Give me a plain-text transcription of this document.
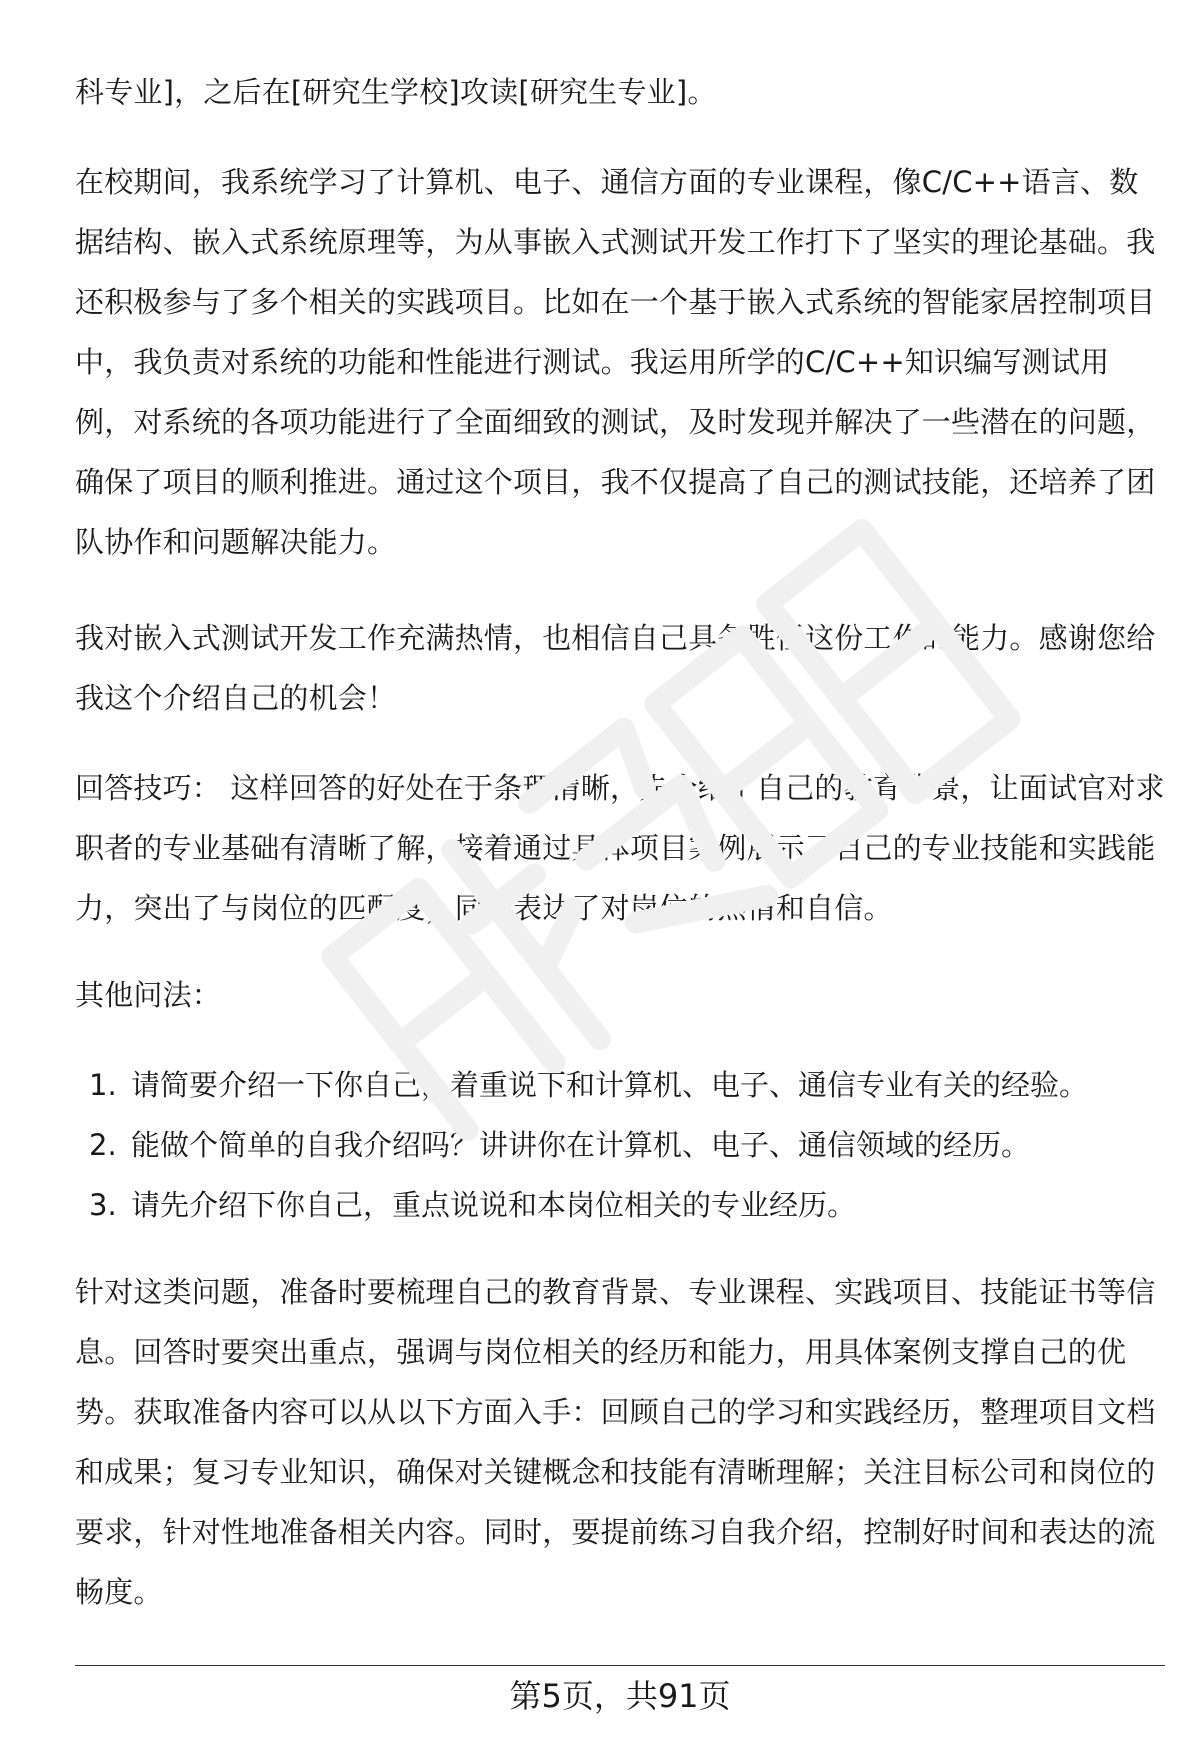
科专业]，之后在[研究生学校]攻读[研究生专业]。

在校期间，我系统学习了计算机、电子、通信方面的专业课程，像C/C++语言、数据结构、嵌入式系统原理等，为从事嵌入式测试开发工作打下了坚实的理论基础。我还积极参与了多个相关的实践项目。比如在一个基于嵌入式系统的智能家居控制项目中，我负责对系统的功能和性能进行测试。我运用所学的C/C++知识编写测试用例，对系统的各项功能进行了全面细致的测试，及时发现并解决了一些潜在的问题，确保了项目的顺利推进。通过这个项目，我不仅提高了自己的测试技能，还培养了团队协作和问题解决能力。

我对嵌入式测试开发工作充满热情，也相信自己具备胜任这份工作的能力。感谢您给我这个介绍自己的机会！

回答技巧： 这样回答的好处在于条理清晰，先介绍了自己的教育背景，让面试官对求职者的专业基础有清晰了解，接着通过具体项目案例展示了自己的专业技能和实践能力，突出了与岗位的匹配度，同时表达了对岗位的热情和自信。

其他问法：

1. 请简要介绍一下你自己，着重说下和计算机、电子、通信专业有关的经验。
2. 能做个简单的自我介绍吗？讲讲你在计算机、电子、通信领域的经历。
3. 请先介绍下你自己，重点说说和本岗位相关的专业经历。

针对这类问题，准备时要梳理自己的教育背景、专业课程、实践项目、技能证书等信息。回答时要突出重点，强调与岗位相关的经历和能力，用具体案例支撑自己的优势。获取准备内容可以从以下方面入手：回顾自己的学习和实践经历，整理项目文档和成果；复习专业知识，确保对关键概念和技能有清晰理解；关注目标公司和岗位的要求，针对性地准备相关内容。同时，要提前练习自我介绍，控制好时间和表达的流畅度。

第5页，共91页
